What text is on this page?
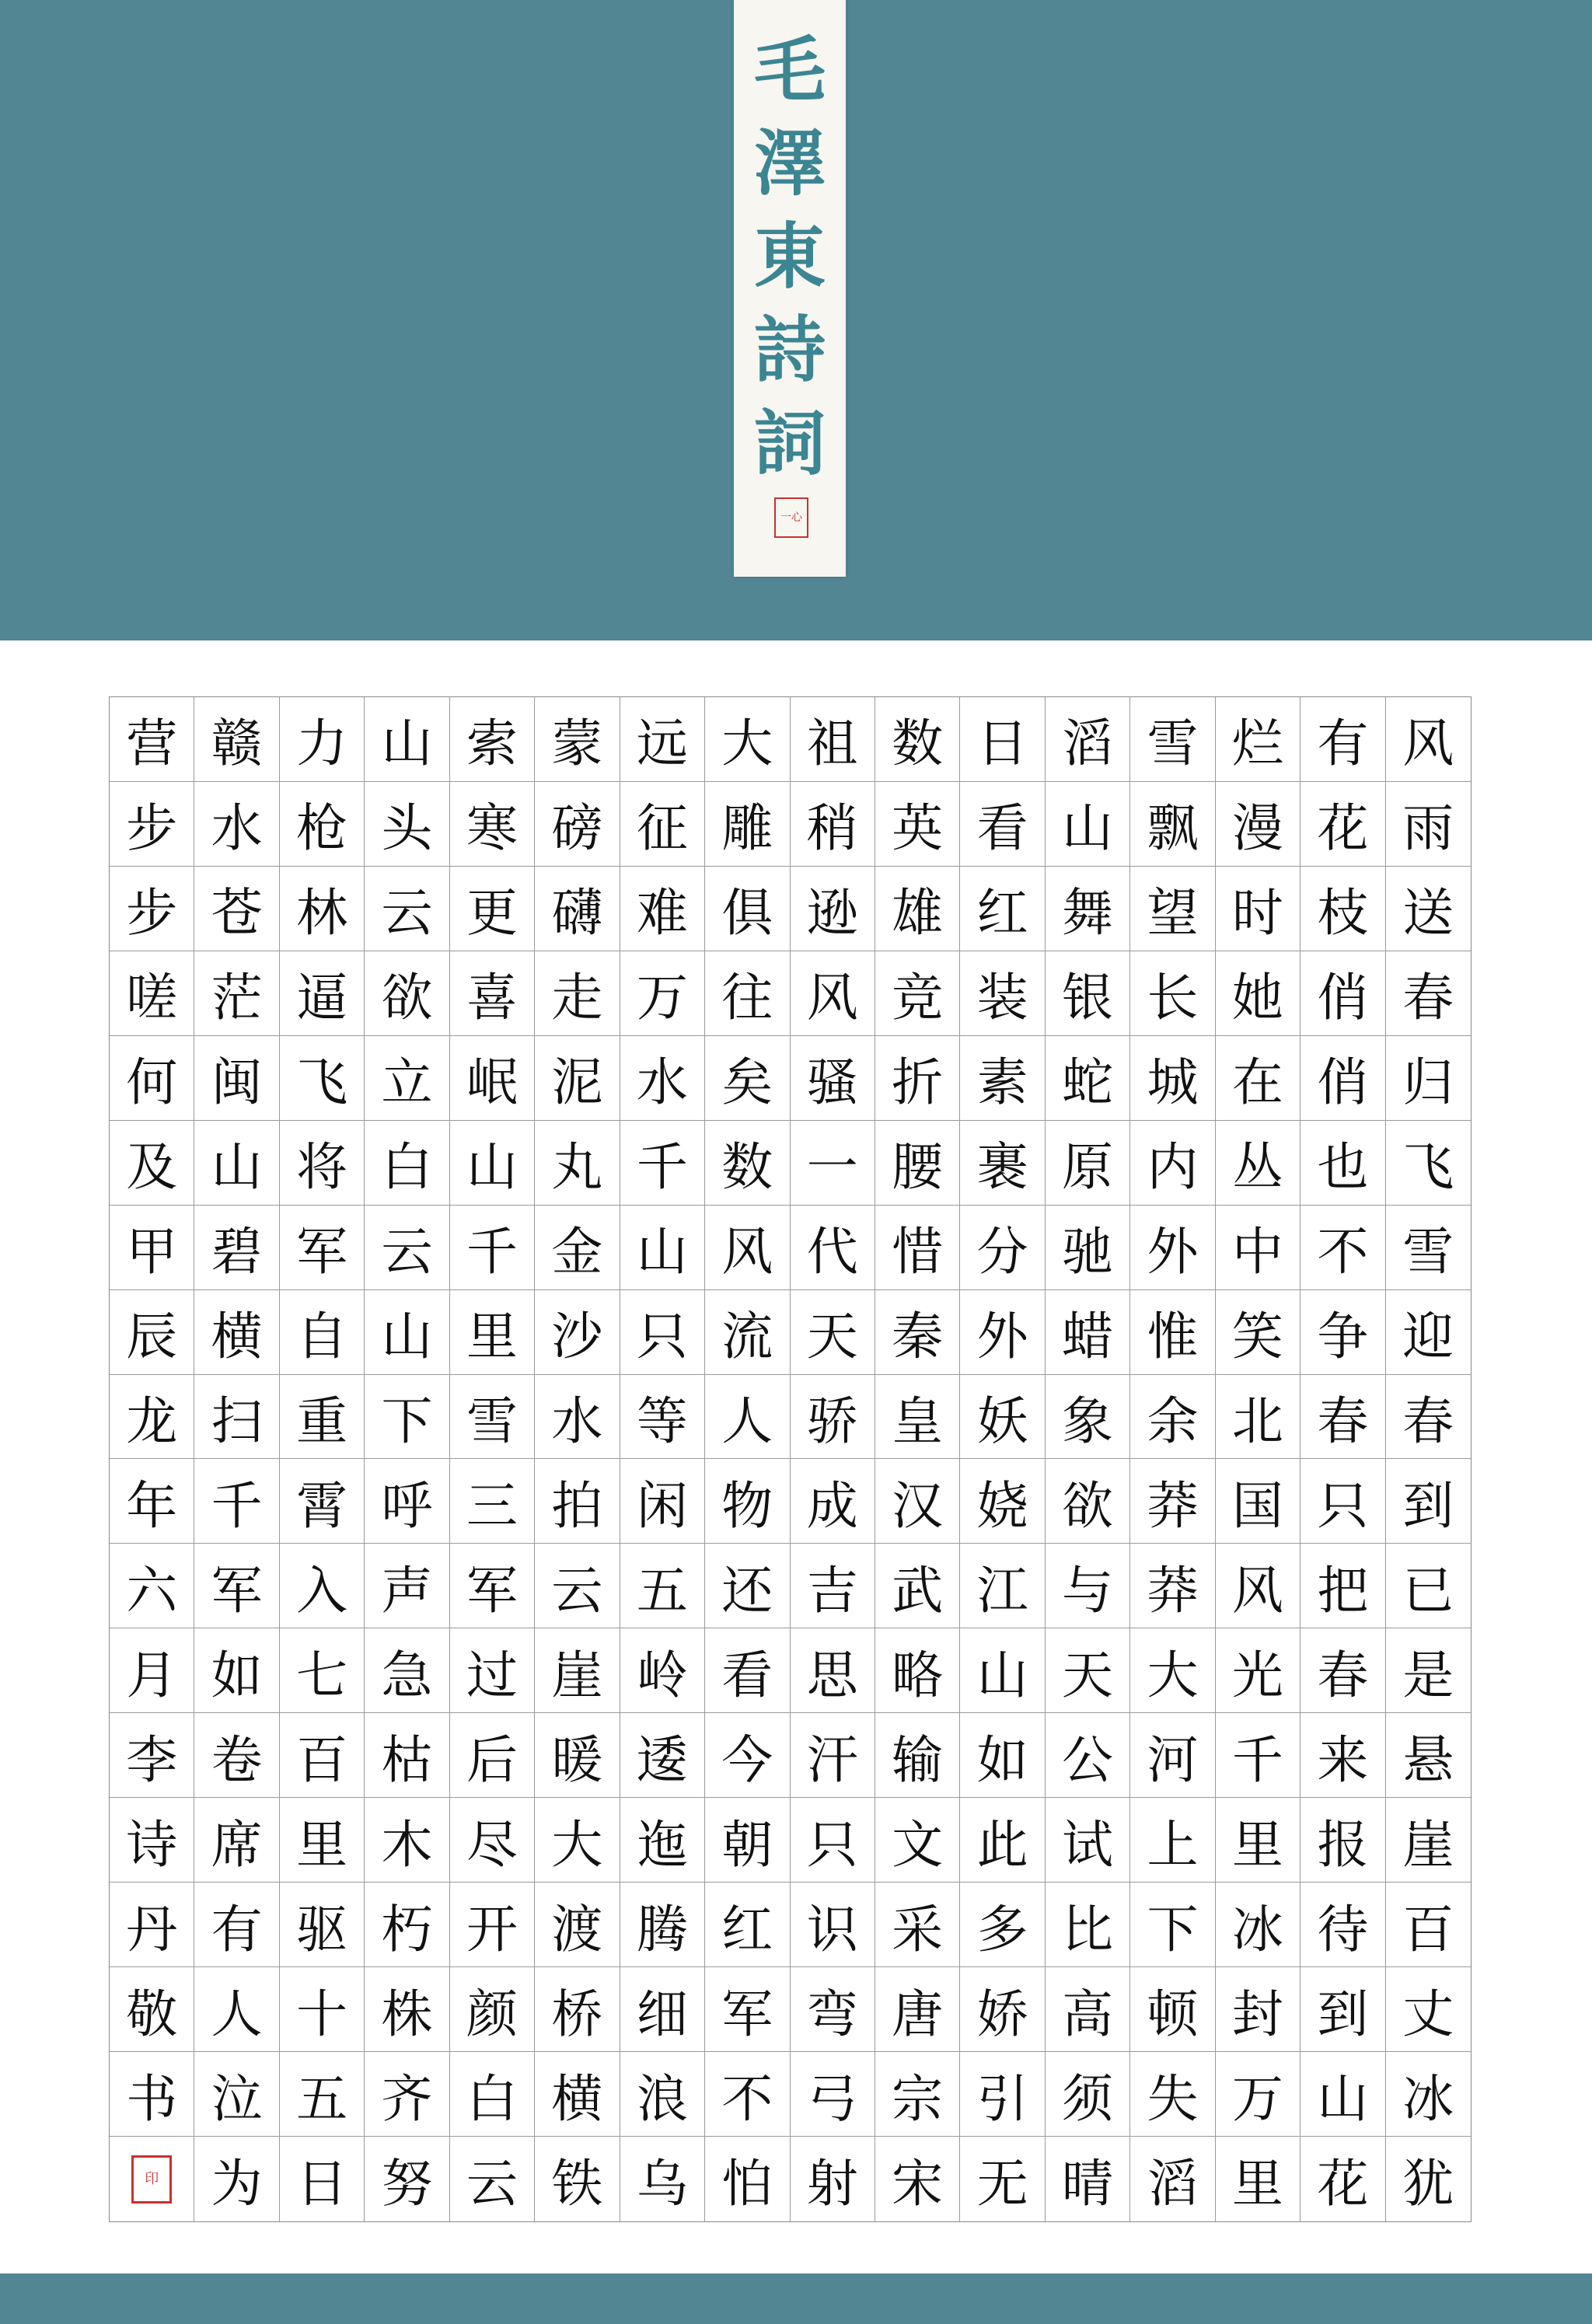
毛
澤
東
詩
詞
一心
营 赣 力 山 索 蒙 远 大 祖 数 日 滔 雪 烂 有 风
步 水 枪 头 寒 磅 征 雕 稍 英 看 山 飘 漫 花 雨
步 苍 林 云 更 礴 难 俱 逊 雄 红 舞 望 时 枝 送
嗟 茫 逼 欲 喜 走 万 往 风 竞 装 银 长 她 俏 春
何 闽 飞 立 岷 泥 水 矣 骚 折 素 蛇 城 在 俏 归
及 山 将 白 山 丸 千 数 一 腰 裹 原 内 丛 也 飞
甲 碧 军 云 千 金 山 风 代 惜 分 驰 外 中 不 雪
辰 横 自 山 里 沙 只 流 天 秦 外 蜡 惟 笑 争 迎
龙 扫 重 下 雪 水 等 人 骄 皇 妖 象 余 北 春 春
年 千 霄 呼 三 拍 闲 物 成 汉 娆 欲 莽 国 只 到
六 军 入 声 军 云 五 还 吉 武 江 与 莽 风 把 已
月 如 七 急 过 崖 岭 看 思 略 山 天 大 光 春 是
李 卷 百 枯 后 暖 逶 今 汗 输 如 公 河 千 来 悬
诗 席 里 木 尽 大 迤 朝 只 文 此 试 上 里 报 崖
丹 有 驱 朽 开 渡 腾 红 识 采 多 比 下 冰 待 百
敬 人 十 株 颜 桥 细 军 弯 唐 娇 高 顿 封 到 丈
书 泣 五 齐 白 横 浪 不 弓 宗 引 须 失 万 山 冰
印	为 日 努 云 铁 乌 怕 射 宋 无 晴 滔 里 花 犹
